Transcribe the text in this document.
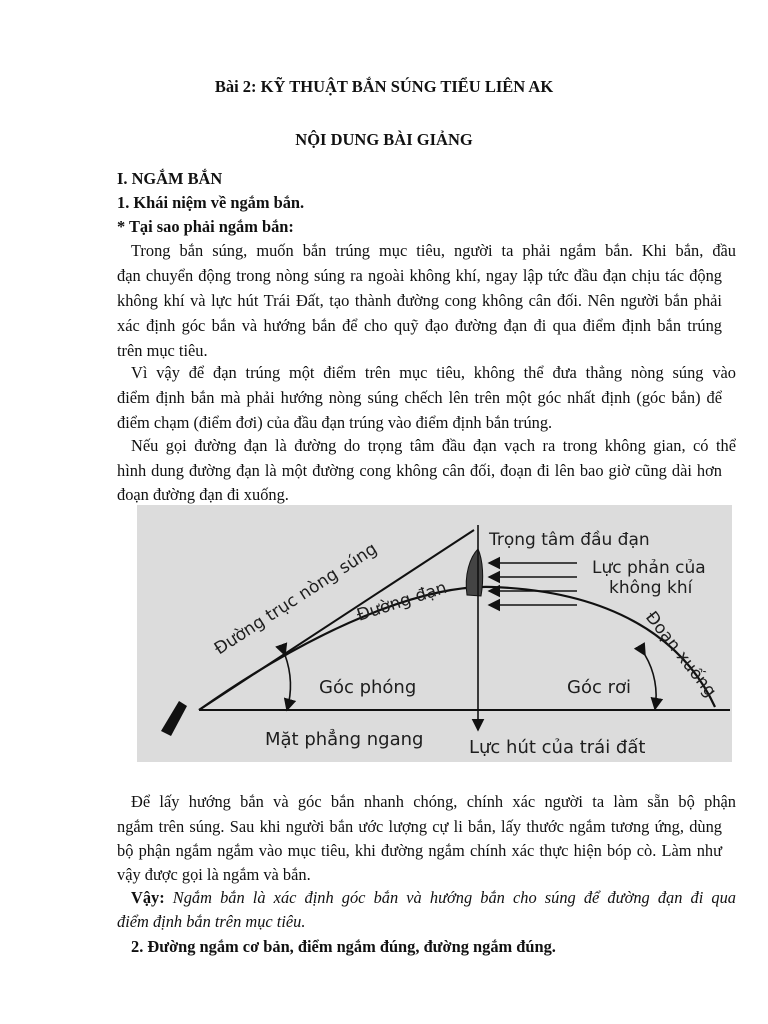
Bài 2: KỸ THUẬT BẮN SÚNG TIỂU LIÊN AK
NỘI DUNG BÀI GIẢNG
I. NGẮM BẮN
1. Khái niệm về ngắm bắn.
* Tại sao phải ngắm bắn:
Trong bắn súng, muốn bắn trúng mục tiêu, người ta phải ngắm bắn. Khi bắn, đầu
đạn chuyển động trong nòng súng ra ngoài không khí, ngay lập tức đầu đạn chịu tác động
không khí và lực hút Trái Đất, tạo thành đường cong không cân đối. Nên người bắn phải
xác định góc bắn và hướng bắn để cho quỹ đạo đường đạn đi qua điểm định bắn trúng
trên mục tiêu.
Vì vậy để đạn trúng một điểm trên mục tiêu, không thể đưa thẳng nòng súng vào
điểm định bắn mà phải hướng nòng súng chếch lên trên một góc nhất định (góc bắn) để
điểm chạm (điểm đơi) của đầu đạn trúng vào điểm định bắn trúng.
Nếu gọi đường đạn là đường do trọng tâm đầu đạn vạch ra trong không gian, có thể
hình dung đường đạn là một đường cong không cân đối, đoạn đi lên bao giờ cũng dài hơn
đoạn đường đạn đi xuống.
Đường trục nòng súng
Đường đạn
Trọng tâm đầu đạn
Lực phản của
không khí
Đoạn xuống
Góc phóng	Góc rơi
Mặt phẳng ngang	Lực hút của trái đất
Để lấy hướng bắn và góc bắn nhanh chóng, chính xác người ta làm sẵn bộ phận
ngắm trên súng. Sau khi người bắn ước lượng cự li bắn, lấy thước ngắm tương ứng, dùng
bộ phận ngắm ngắm vào mục tiêu, khi đường ngắm chính xác thực hiện bóp cò. Làm như
vậy được gọi là ngắm và bắn.
Vậy: Ngắm bắn là xác định góc bắn và hướng bắn cho súng để đường đạn đi qua
điểm định bắn trên mục tiêu.
2. Đường ngắm cơ bản, điểm ngắm đúng, đường ngắm đúng.
